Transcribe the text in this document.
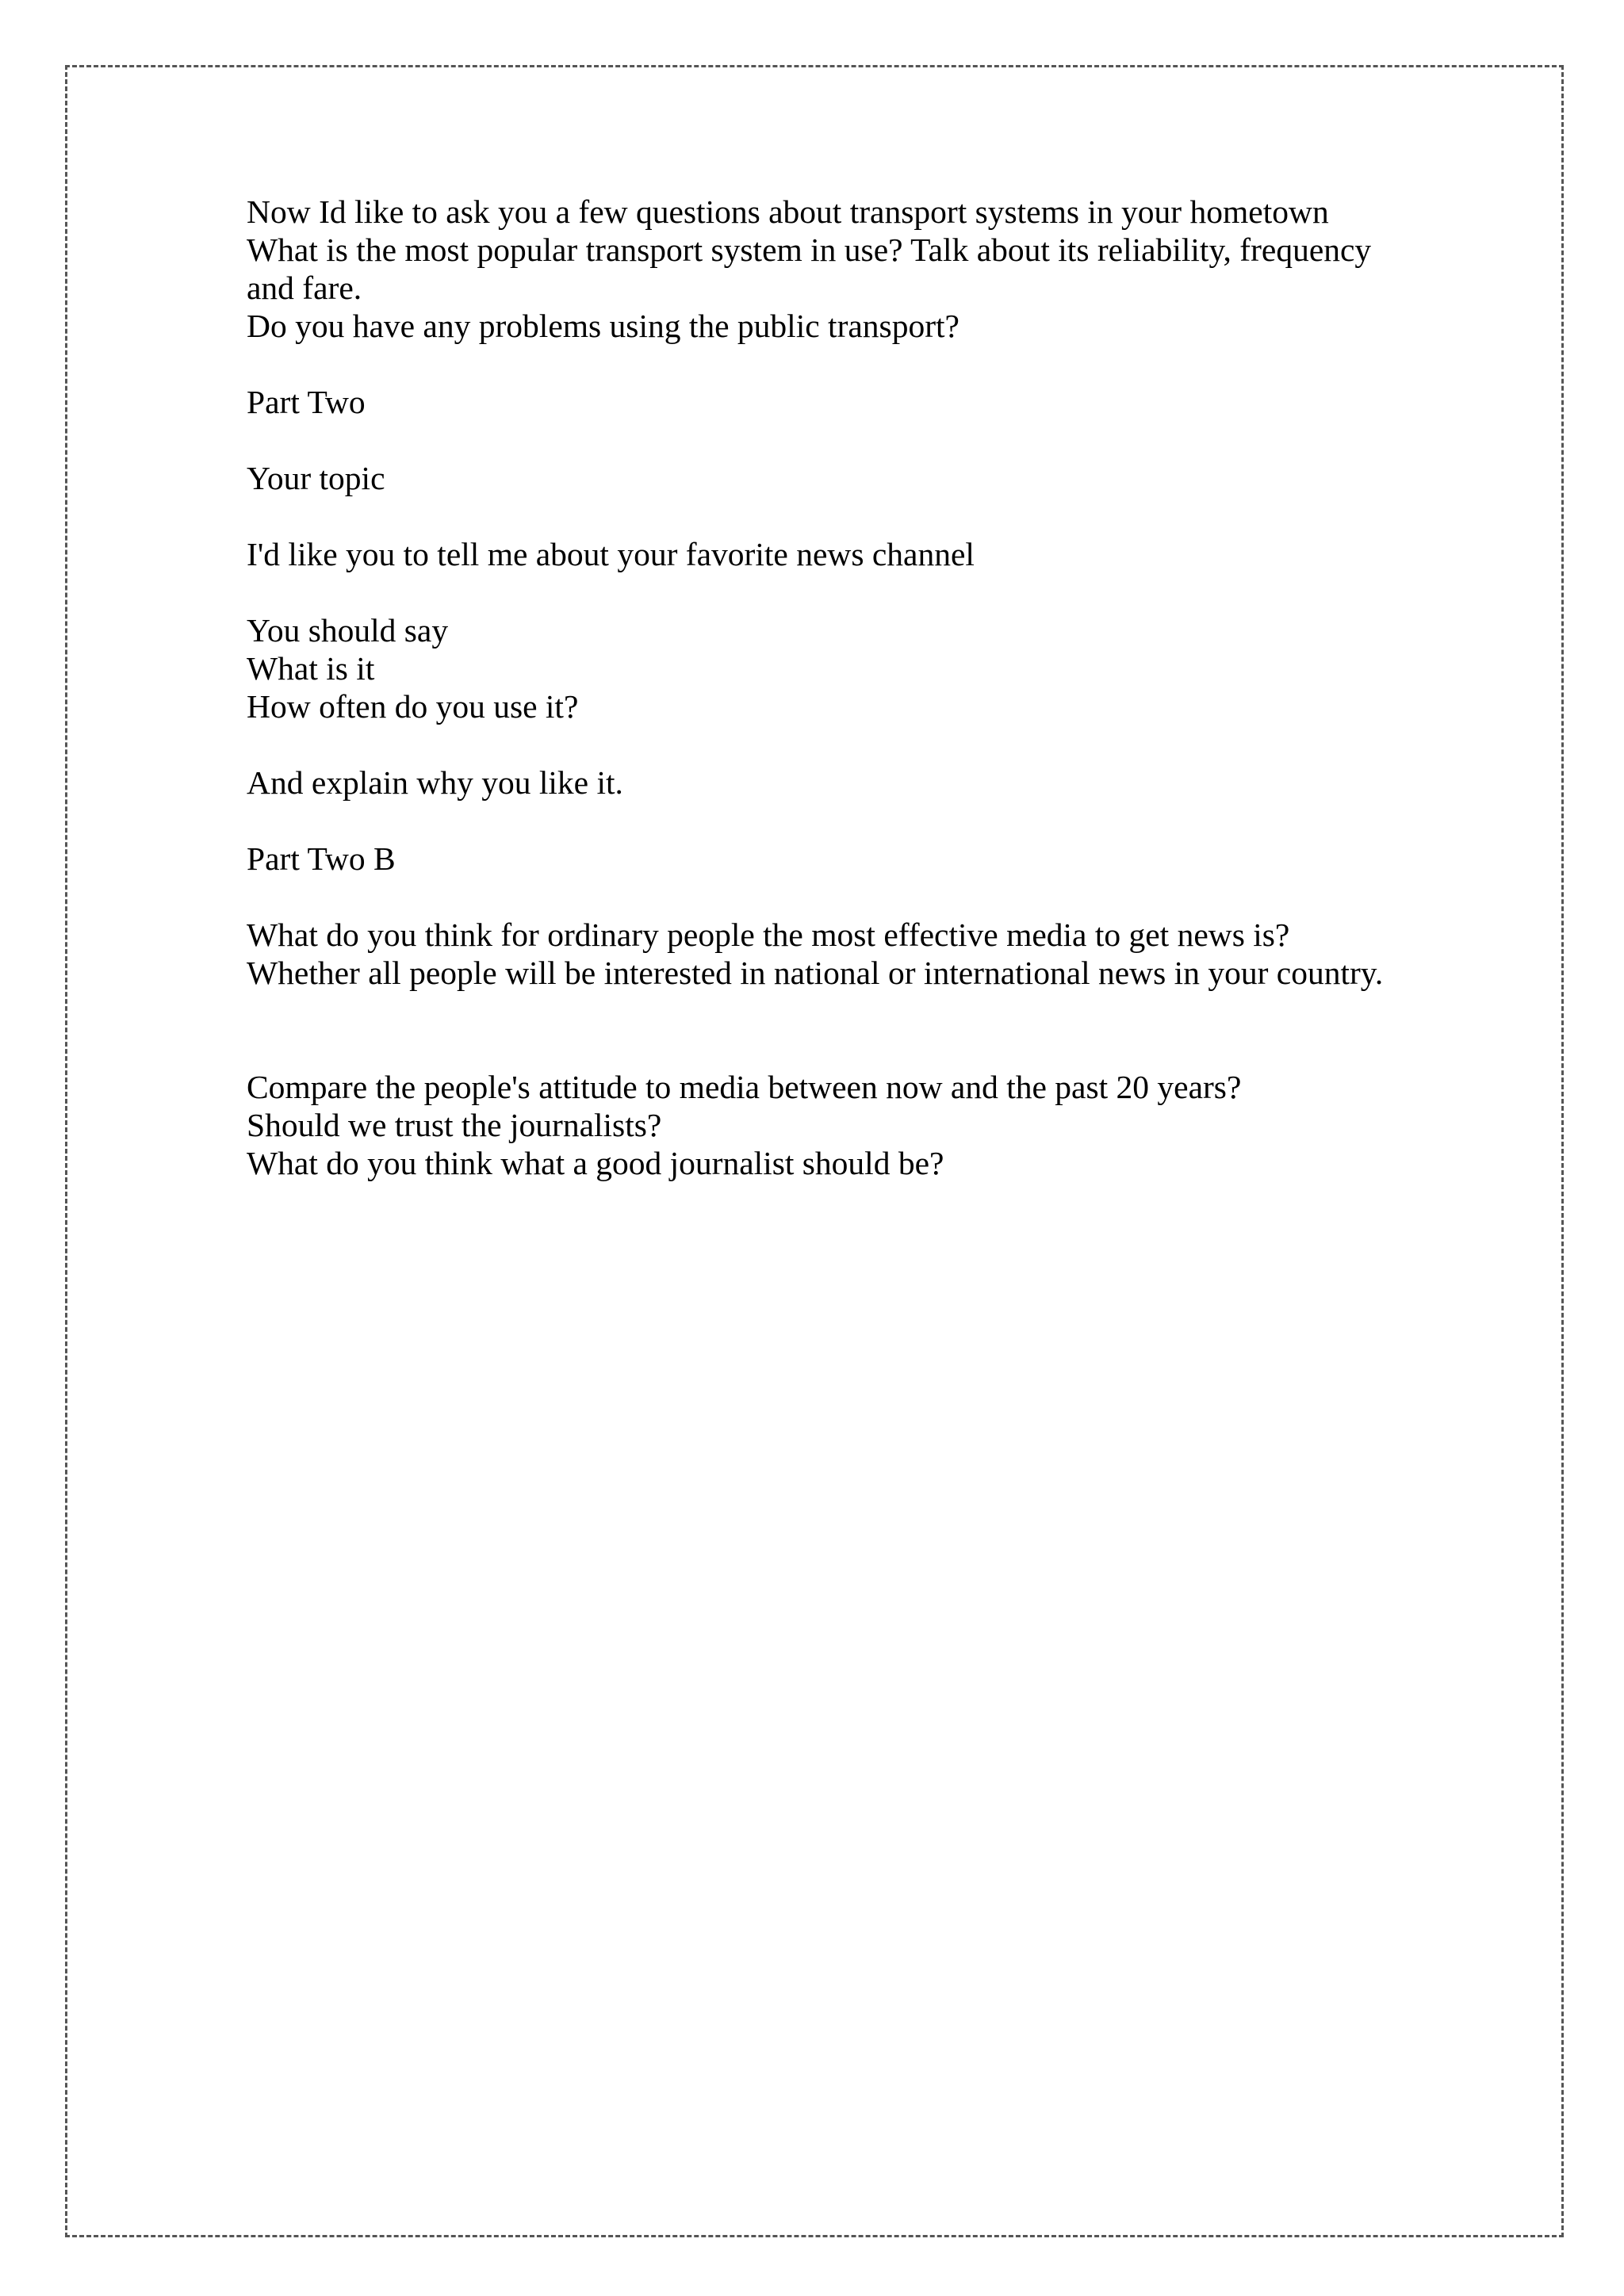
Now Id like to ask you a few questions about transport systems in your hometown
What is the most popular transport system in use? Talk about its reliability, frequency
and fare.
Do you have any problems using the public transport?
Part Two
Your topic
I'd like you to tell me about your favorite news channel
You should say
What is it
How often do you use it?
And explain why you like it.
Part Two B
What do you think for ordinary people the most effective media to get news is?
Whether all people will be interested in national or international news in your country.
Compare the people's attitude to media between now and the past 20 years?
Should we trust the journalists?
What do you think what a good journalist should be?
